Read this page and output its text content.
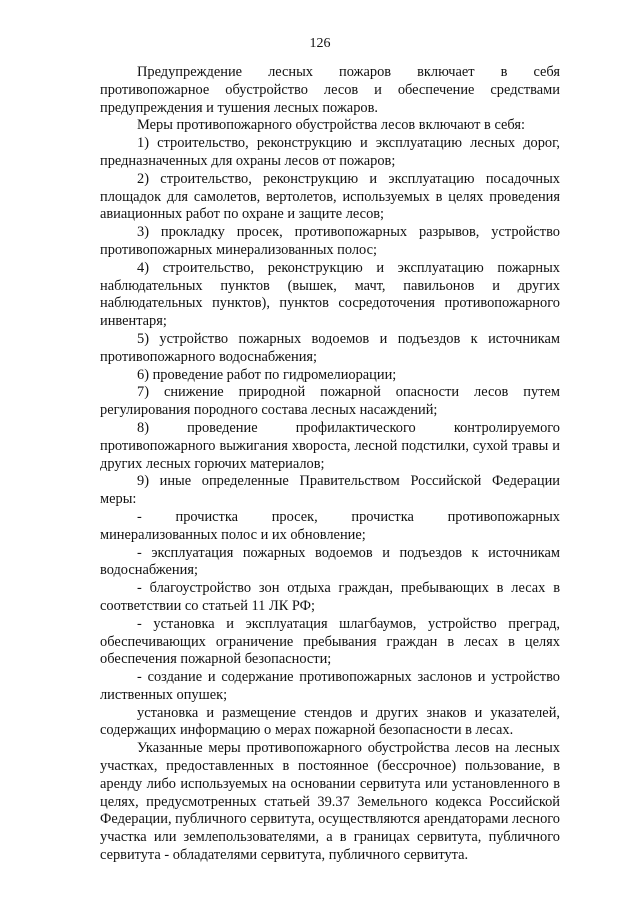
126

Предупреждение лесных пожаров включает в себя противопожарное обустройство лесов и обеспечение средствами предупреждения и тушения лесных пожаров.

Меры противопожарного обустройства лесов включают в себя:

1) строительство, реконструкцию и эксплуатацию лесных дорог, предназначенных для охраны лесов от пожаров;

2) строительство, реконструкцию и эксплуатацию посадочных площадок для самолетов, вертолетов, используемых в целях проведения авиационных работ по охране и защите лесов;

3) прокладку просек, противопожарных разрывов, устройство противопожарных минерализованных полос;

4) строительство, реконструкцию и эксплуатацию пожарных наблюдательных пунктов (вышек, мачт, павильонов и других наблюдательных пунктов), пунктов сосредоточения противопожарного инвентаря;

5) устройство пожарных водоемов и подъездов к источникам противопожарного водоснабжения;

6) проведение работ по гидромелиорации;

7) снижение природной пожарной опасности лесов путем регулирования породного состава лесных насаждений;

8) проведение профилактического контролируемого противопожарного выжигания хвороста, лесной подстилки, сухой травы и других лесных горючих материалов;

9) иные определенные Правительством Российской Федерации меры:

- прочистка просек, прочистка противопожарных минерализованных полос и их обновление;

- эксплуатация пожарных водоемов и подъездов к источникам водоснабжения;

- благоустройство зон отдыха граждан, пребывающих в лесах в соответствии со статьей 11 ЛК РФ;

- установка и эксплуатация шлагбаумов, устройство преград, обеспечивающих ограничение пребывания граждан в лесах в целях обеспечения пожарной безопасности;

- создание и содержание противопожарных заслонов и устройство лиственных опушек;

установка и размещение стендов и других знаков и указателей, содержащих информацию о мерах пожарной безопасности в лесах.

Указанные меры противопожарного обустройства лесов на лесных участках, предоставленных в постоянное (бессрочное) пользование, в аренду либо используемых на основании сервитута или установленного в целях, предусмотренных статьей 39.37 Земельного кодекса Российской Федерации, публичного сервитута, осуществляются арендаторами лесного участка или землепользователями, а в границах сервитута, публичного сервитута - обладателями сервитута, публичного сервитута.
